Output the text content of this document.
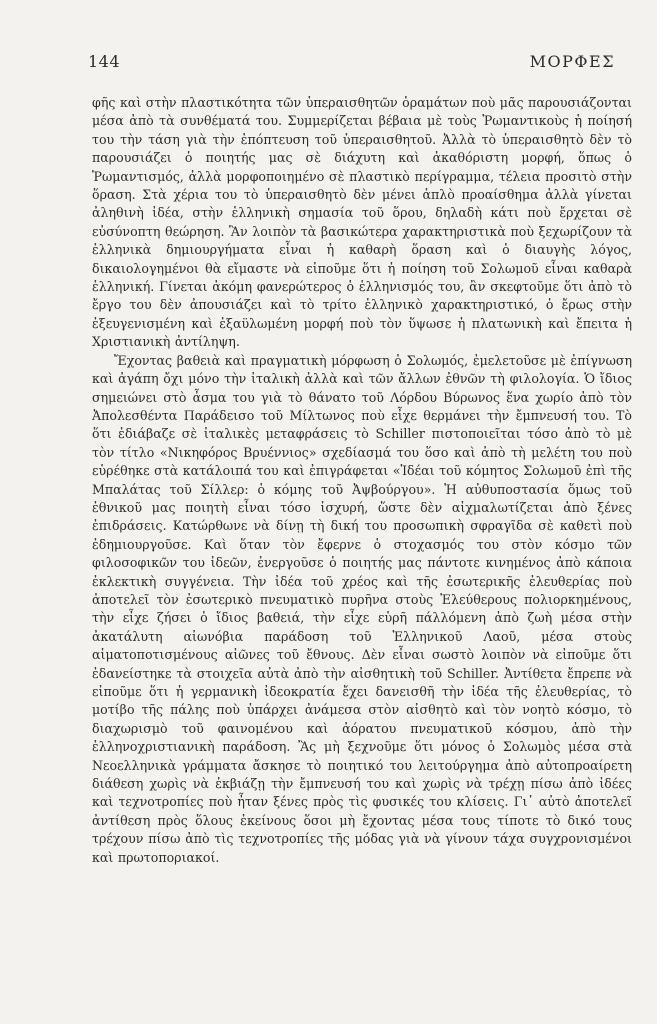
144	ΜΟΡΦΕΣ

φῆς καὶ στὴν πλαστικότητα τῶν ὑπεραισθητῶν ὁραμάτων ποὺ μᾶς παρουσιάζονται μέσα ἀπὸ τὰ συνθέματά του. Συμμερίζεται βέβαια μὲ τοὺς Ῥωμαντικοὺς ἡ ποίησή του τὴν τάση γιὰ τὴν ἐπόπτευση τοῦ ὑπεραισθητοῦ. Ἀλλὰ τὸ ὑπεραισθητὸ δὲν τὸ παρουσιάζει ὁ ποιητής μας σὲ διάχυτη καὶ ἀκαθόριστη μορφή, ὅπως ὁ Ῥωμαντισμός, ἀλλὰ μορφοποιημένο σὲ πλαστικὸ περίγραμμα, τέλεια προσιτὸ στὴν ὅραση. Στὰ χέρια του τὸ ὑπεραισθητὸ δὲν μένει ἁπλὸ προαίσθημα ἀλλὰ γίνεται ἀληθινὴ ἰδέα, στὴν ἑλληνικὴ σημασία τοῦ ὅρου, δηλαδὴ κάτι ποὺ ἔρχεται σὲ εὐσύνοπτη θεώρηση. Ἂν λοιπὸν τὰ βασικώτερα χαρακτηριστικὰ ποὺ ξεχωρίζουν τὰ ἑλληνικὰ δημιουργήματα εἶναι ἡ καθαρὴ ὅραση καὶ ὁ διαυγὴς λόγος, δικαιολογημένοι θὰ εἴμαστε νὰ εἰποῦμε ὅτι ἡ ποίηση τοῦ Σολωμοῦ εἶναι καθαρὰ ἑλληνική. Γίνεται ἀκόμη φανερώτερος ὁ ἑλληνισμός του, ἂν σκεφτοῦμε ὅτι ἀπὸ τὸ ἔργο του δὲν ἀπουσιάζει καὶ τὸ τρίτο ἑλληνικὸ χαρακτηριστικό, ὁ ἔρως στὴν ἐξευγενισμένη καὶ ἐξαϋλωμένη μορφή ποὺ τὸν ὕψωσε ἡ πλατωνικὴ καὶ ἔπειτα ἡ Χριστιανικὴ ἀντίληψη.

Ἔχοντας βαθειὰ καὶ πραγματικὴ μόρφωση ὁ Σολωμός, ἐμελετοῦσε μὲ ἐπίγνωση καὶ ἀγάπη ὄχι μόνο τὴν ἰταλικὴ ἀλλὰ καὶ τῶν ἄλλων ἐθνῶν τὴ φιλολογία. Ὁ ἴδιος σημειώνει στὸ ἆσμα του γιὰ τὸ θάνατο τοῦ Λόρδου Βύρωνος ἕνα χωρίο ἀπὸ τὸν Ἀπολεσθέντα Παράδεισο τοῦ Μίλτωνος ποὺ εἶχε θερμάνει τὴν ἔμπνευσή του. Τὸ ὅτι ἐδιάβαζε σὲ ἰταλικὲς μεταφράσεις τὸ Schiller πιστοποιεῖται τόσο ἀπὸ τὸ μὲ τὸν τίτλο «Νικηφόρος Βρυέννιος» σχεδίασμά του ὅσο καὶ ἀπὸ τὴ μελέτη του ποὺ εὑρέθηκε στὰ κατάλοιπά του καὶ ἐπιγράφεται «Ἰδέαι τοῦ κόμητος Σολωμοῦ ἐπὶ τῆς Μπαλάτας τοῦ Σίλλερ: ὁ κόμης τοῦ Ἀψβούργου». Ἡ αὐθυποστασία ὅμως τοῦ ἐθνικοῦ μας ποιητὴ εἶναι τόσο ἰσχυρή, ὥστε δὲν αἰχμαλωτίζεται ἀπὸ ξένες ἐπιδράσεις. Κατώρθωνε νὰ δίνῃ τὴ δική του προσωπικὴ σφραγῖδα σὲ καθετὶ ποὺ ἐδημιουργοῦσε. Καὶ ὅταν τὸν ἔφερνε ὁ στοχασμός του στὸν κόσμο τῶν φιλοσοφικῶν του ἰδεῶν, ἐνεργοῦσε ὁ ποιητής μας πάντοτε κινημένος ἀπὸ κάποια ἐκλεκτικὴ συγγένεια. Τὴν ἰδέα τοῦ χρέος καὶ τῆς ἐσωτερικῆς ἐλευθερίας ποὺ ἀποτελεῖ τὸν ἐσωτερικὸ πνευματικὸ πυρῆνα στοὺς Ἐλεύθερους πολιορκημένους, τὴν εἶχε ζήσει ὁ ἴδιος βαθειά, τὴν εἶχε εὑρῆ πάλλόμενη ἀπὸ ζωὴ μέσα στὴν ἀκατάλυτη αἰωνόβια παράδοση τοῦ Ἑλληνικοῦ Λαοῦ, μέσα στοὺς αἱματοποτισμένους αἰῶνες τοῦ ἔθνους. Δὲν εἶναι σωστὸ λοιπὸν νὰ εἰποῦμε ὅτι ἐδανείστηκε τὰ στοιχεῖα αὐτὰ ἀπὸ τὴν αἰσθητικὴ τοῦ Schiller. Ἀντίθετα ἔπρεπε νὰ εἰποῦμε ὅτι ἡ γερμανικὴ ἰδεοκρατία ἔχει δανεισθῆ τὴν ἰδέα τῆς ἐλευθερίας, τὸ μοτίβο τῆς πάλης ποὺ ὑπάρχει ἀνάμεσα στὸν αἰσθητὸ καὶ τὸν νοητὸ κόσμο, τὸ διαχωρισμὸ τοῦ φαινομένου καὶ ἀόρατου πνευματικοῦ κόσμου, ἀπὸ τὴν ἑλληνοχριστιανικὴ παράδοση. Ἂς μὴ ξεχνοῦμε ὅτι μόνος ὁ Σολωμὸς μέσα στὰ Νεοελληνικὰ γράμματα ἄσκησε τὸ ποιητικό του λειτούργημα ἀπὸ αὐτοπροαίρετη διάθεση χωρὶς νὰ ἐκβιάζῃ τὴν ἔμπνευσή του καὶ χωρὶς νὰ τρέχῃ πίσω ἀπὸ ἰδέες καὶ τεχνοτροπίες ποὺ ἦταν ξένες πρὸς τὶς φυσικές του κλίσεις. Γι᾿ αὐτὸ ἀποτελεῖ ἀντίθεση πρὸς ὅλους ἐκείνους ὅσοι μὴ ἔχοντας μέσα τους τίποτε τὸ δικό τους τρέχουν πίσω ἀπὸ τὶς τεχνοτροπίες τῆς μόδας γιὰ νὰ γίνουν τάχα συγχρονισμένοι καὶ πρωτοποριακοί.
